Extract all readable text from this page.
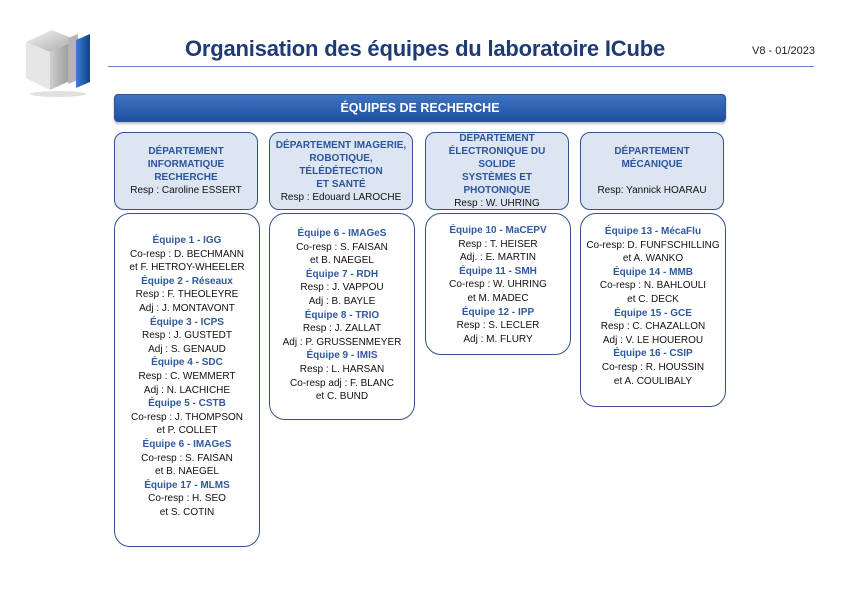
Organisation des équipes du laboratoire ICube	V8 - 01/2023
ÉQUIPES DE RECHERCHE
DÉPARTEMENT
INFORMATIQUE
RECHERCHE
Resp : Caroline ESSERT
DÉPARTEMENT IMAGERIE,
ROBOTIQUE, TÉLÉDÉTECTION
ET SANTÉ
Resp : Edouard LAROCHE
DÉPARTEMENT
ÉLECTRONIQUE DU SOLIDE
SYSTÈMES ET PHOTONIQUE
Resp : W. UHRING
DÉPARTEMENT
MÉCANIQUE
Resp: Yannick HOARAU
Équipe 1 - IGG
Co-resp : D. BECHMANN
et F. HETROY-WHEELER
Équipe 2 - Réseaux
Resp : F. THEOLEYRE
Adj : J. MONTAVONT
Équipe 3 - ICPS
Resp : J. GUSTEDT
Adj : S. GENAUD
Équipe 4 - SDC
Resp : C. WEMMERT
Adj : N. LACHICHE
Équipe 5 - CSTB
Co-resp : J. THOMPSON
et P. COLLET
Équipe 6 - IMAGeS
Co-resp : S. FAISAN
et B. NAEGEL
Équipe 17 - MLMS
Co-resp : H. SEO
et S. COTIN
Équipe 6 - IMAGeS
Co-resp : S. FAISAN
et B. NAEGEL
Équipe 7 - RDH
Resp : J. VAPPOU
Adj : B. BAYLE
Équipe 8 - TRIO
Resp : J. ZALLAT
Adj : P. GRUSSENMEYER
Équipe 9 - IMIS
Resp : L. HARSAN
Co-resp adj : F. BLANC
et C. BUND
Équipe 10 - MaCEPV
Resp : T. HEISER
Adj. : E. MARTIN
Équipe 11 - SMH
Co-resp : W. UHRING
et M. MADEC
Équipe 12 - IPP
Resp : S. LECLER
Adj : M. FLURY
Équipe 13 - MécaFlu
Co-resp: D. FUNFSCHILLING
et A. WANKO
Équipe 14 - MMB
Co-resp : N. BAHLOULI
et C. DECK
Équipe 15 - GCE
Resp : C. CHAZALLON
Adj : V. LE HOUEROU
Équipe 16 - CSIP
Co-resp : R. HOUSSIN
et A. COULIBALY
